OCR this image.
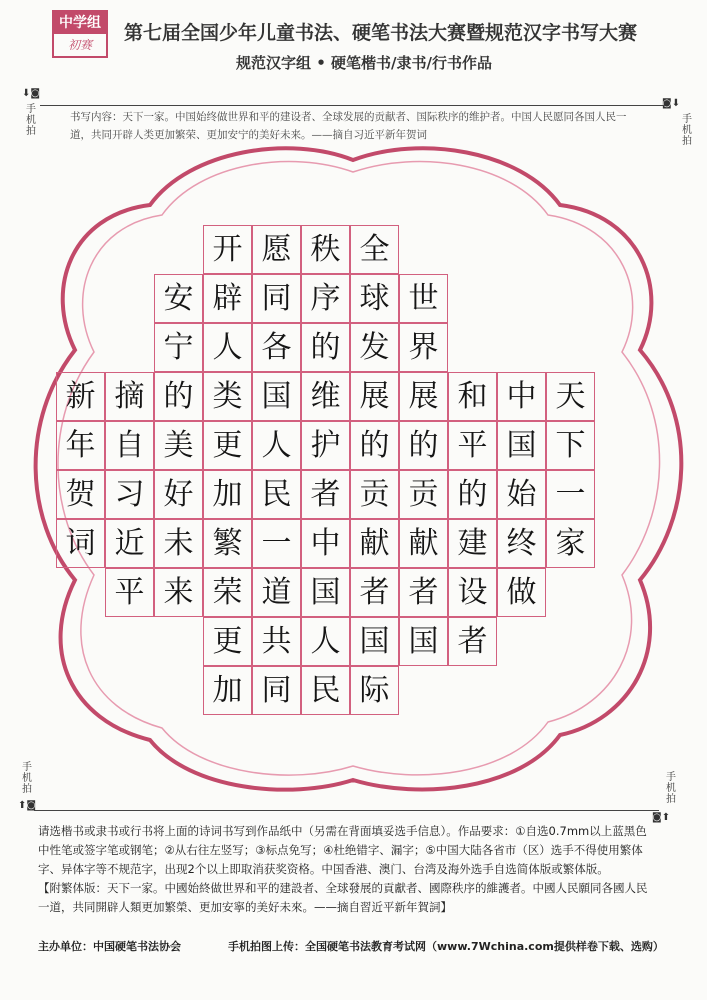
中学组
初赛
第七届全国少年儿童书法、硬笔书法大赛暨规范汉字书写大赛
规范汉字组 • 硬笔楷书/隶书/行书作品
⬇◙
手机拍
◙⬇
手机拍
手机拍
⬆◙
手机拍
◙⬆
书写内容：天下一家。中国始终做世界和平的建设者、全球发展的贡献者、国际秩序的维护者。中国人民愿同各国人民一道，共同开辟人类更加繁荣、更加安宁的美好未来。——摘自习近平新年贺词
天
下
一
家
中
国
始
终
做
和
平
的
建
设
者
世
界
展
的
贡
献
者
国
全
球
发
展
的
贡
献
者
国
际
秩
序
的
维
护
者
中
国
人
民
愿
同
各
国
人
民
一
道
共
同
开
辟
人
类
更
加
繁
荣
更
加
安
宁
的
美
好
未
来
摘
自
习
近
平
新
年
贺
词

请选楷书或隶书或行书将上面的诗词书写到作品纸中（另需在背面填妥选手信息）。作品要求：①自选0.7mm以上蓝黑色中性笔或签字笔或钢笔；②从右往左竖写；③标点免写；④杜绝错字、漏字；⑤中国大陆各省市（区）选手不得使用繁体字、异体字等不规范字，出现2个以上即取消获奖资格。中国香港、澳门、台湾及海外选手自选简体版或繁体版。

【附繁体版：天下一家。中國始終做世界和平的建設者、全球發展的貢獻者、國際秩序的維護者。中國人民願同各國人民一道，共同開辟人類更加繁榮、更加安寧的美好未來。——摘自習近平新年賀詞】

主办单位：中国硬笔书法协会	手机拍图上传：全国硬笔书法教育考试网（www.7Wchina.com提供样卷下载、选购）
